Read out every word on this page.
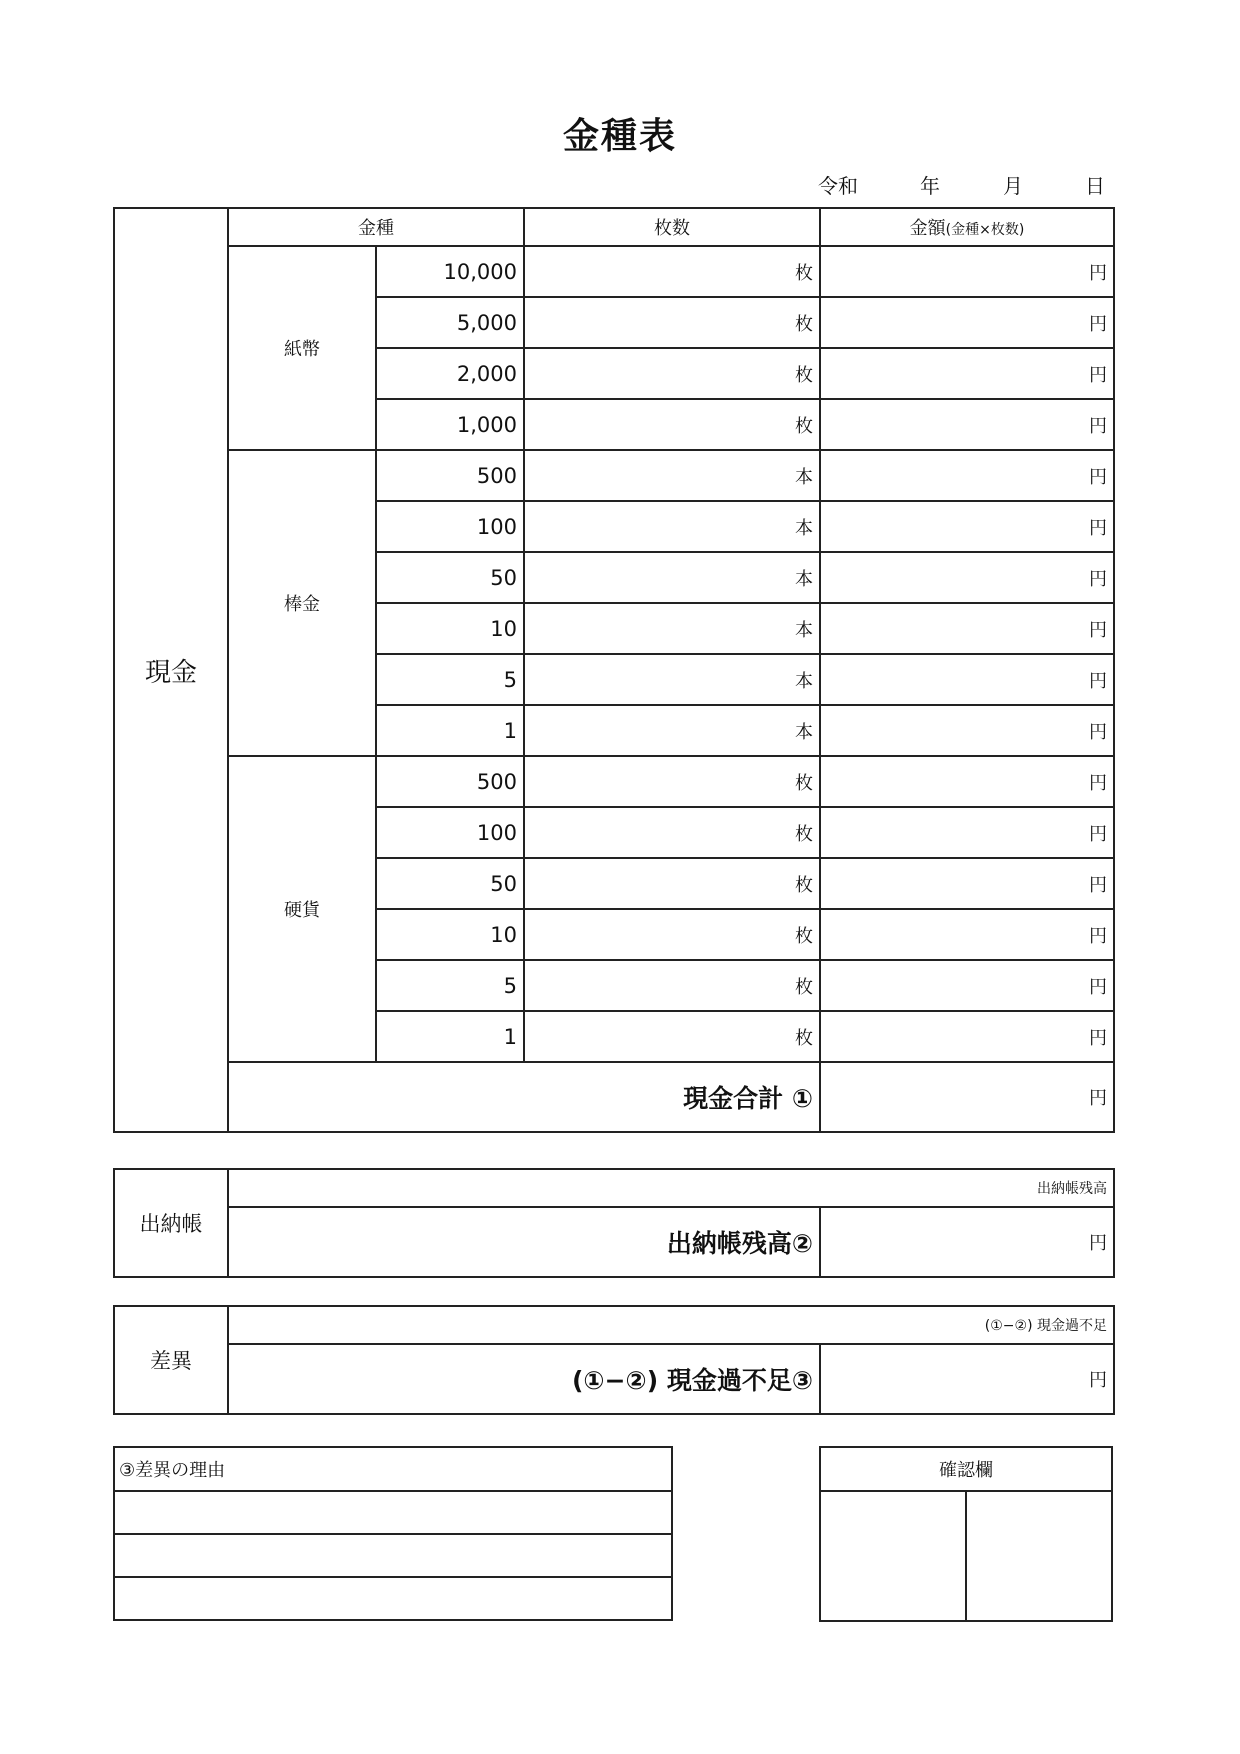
金種表
令和	年	月	日
現金	金種		枚数	金額(金種×枚数)
	紙幣	10,000	枚	円
		5,000	枚	円
		2,000	枚	円
		1,000	枚	円
	棒金	500	本	円
		100	本	円
		50	本	円
		10	本	円
		5	本	円
		1	本	円
	硬貨	500	枚	円
		100	枚	円
		50	枚	円
		10	枚	円
		5	枚	円
		1	枚	円
	現金合計 ①			円
出納帳	出納帳残高	
	出納帳残高②	円
差異	(①−②) 現金過不足	
	(①−②) 現金過不足③	円
③差異の理由	確認欄
